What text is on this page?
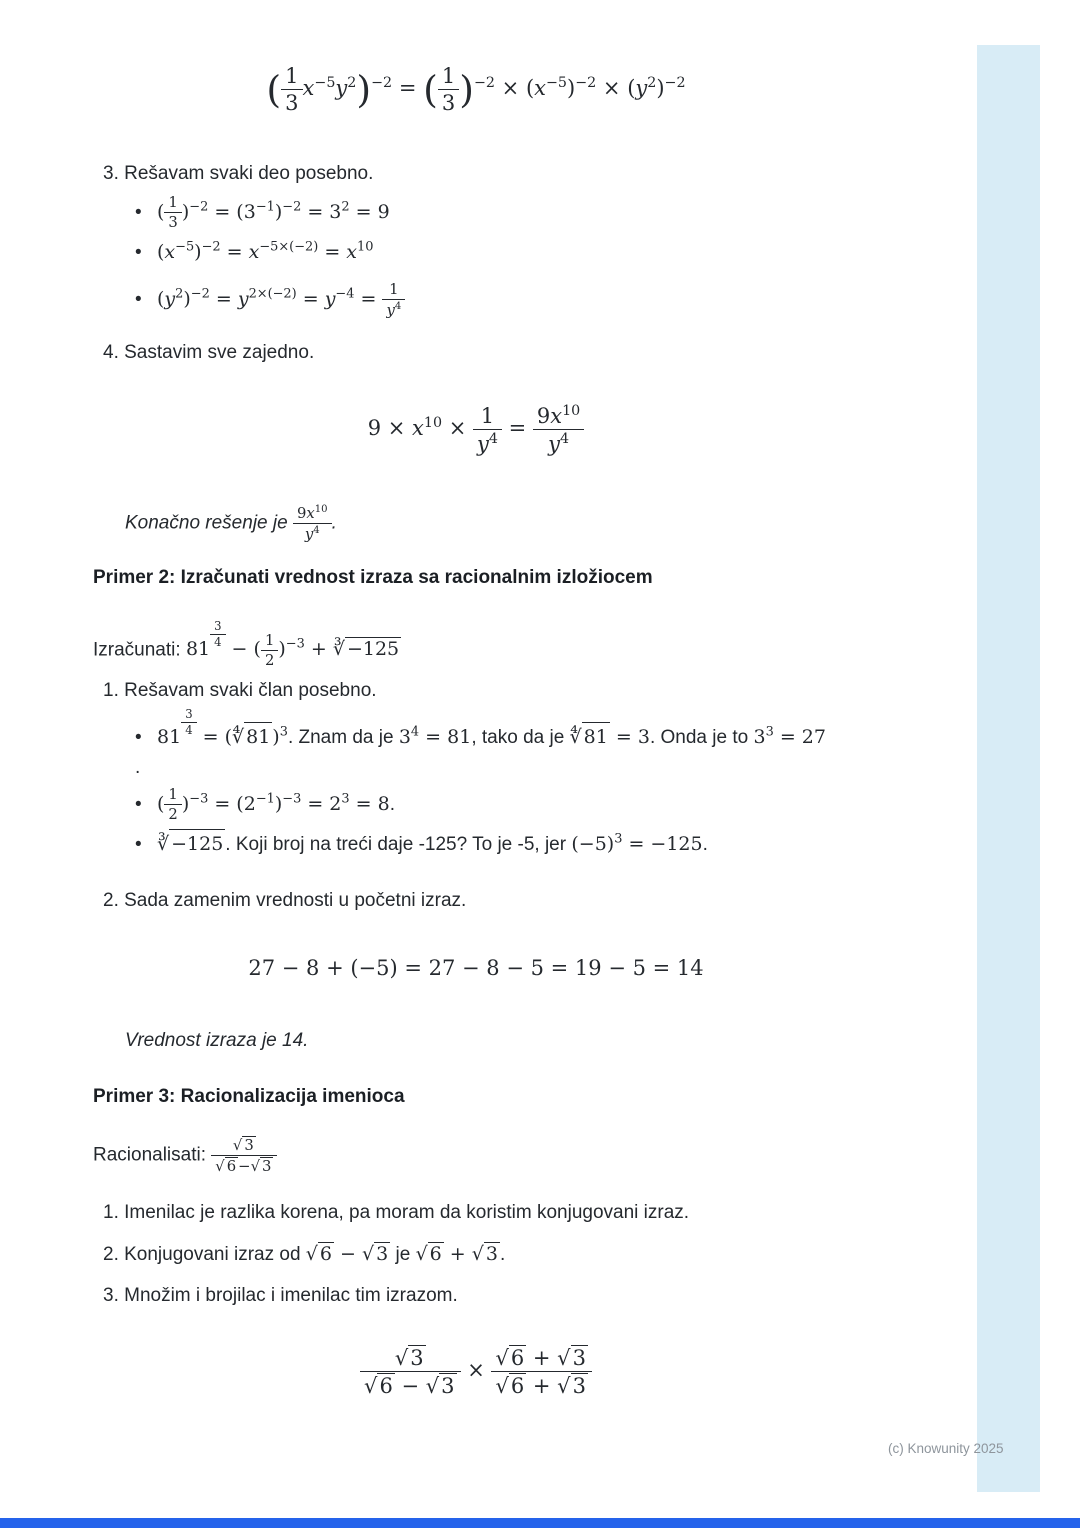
( $\frac{1}{3} x^{-5}y^2)^{-2}$ = ( $\frac{1}{3} )^{-2} \times (x^{-5})^{-2} \times (y^2)^{-2}$
3. Rešavam svaki deo posebno.
• ( $\frac{1}{3} )^{-2} = (3^{-1})^{-2} = 3^2 = 9$
• $(x^{-5})^{-2} = x^{-5\times(-2)} = x^{10}$
• $(y^2)^{-2} = y^{2\times(-2)} = y^{-4} = \frac{1}{y^4}$
4. Sastavim sve zajedno.
$9 \times x^{10} \times \frac{1}{y^4} = \frac{9x^{10}}{y^4}$
Konačno rešenje je $\frac{9x^{10}}{y^4}$ .
Primer 2: Izračunati vrednost izraza sa racionalnim izložiocem
Izračunati: 81 $^{\frac{3}{4}}$ − ( $\frac{1}{2} )^{-3}$ + ∛ −125
1. Rešavam svaki član posebno.
• 81 $^{\frac{3}{4}}$ = (∜ 81 )$^3$. Znam da je $3^4 = 81$, tako da je ∜ 81 = 3. Onda je to $3^3 = 27$
.
• ( $\frac{1}{2} )^{-3} = (2^{-1})^{-3} = 2^3 = 8$.
• ∛ −125 . Koji broj na treći daje -125? To je -5, jer $(-5)^3 = -125$.
2. Sada zamenim vrednosti u početni izraz.
27 − 8 + (−5) = 27 − 8 − 5 = 19 − 5 = 14
Vrednost izraza je 14.
Primer 3: Racionalizacija imenioca
Racionalisati: $\frac{√ 3}{√ 6 -√ 3}$
1. Imenilac je razlika korena, pa moram da koristim konjugovani izraz.
2. Konjugovani izraz od √ 6 − √ 3 je √ 6 + √ 3 .
3. Množim i brojilac i imenilac tim izrazom.
$\frac{√3}{√6 - √3} \times \frac{√6 + √3}{√6 + √3}$
(c) Knowunity 2025
